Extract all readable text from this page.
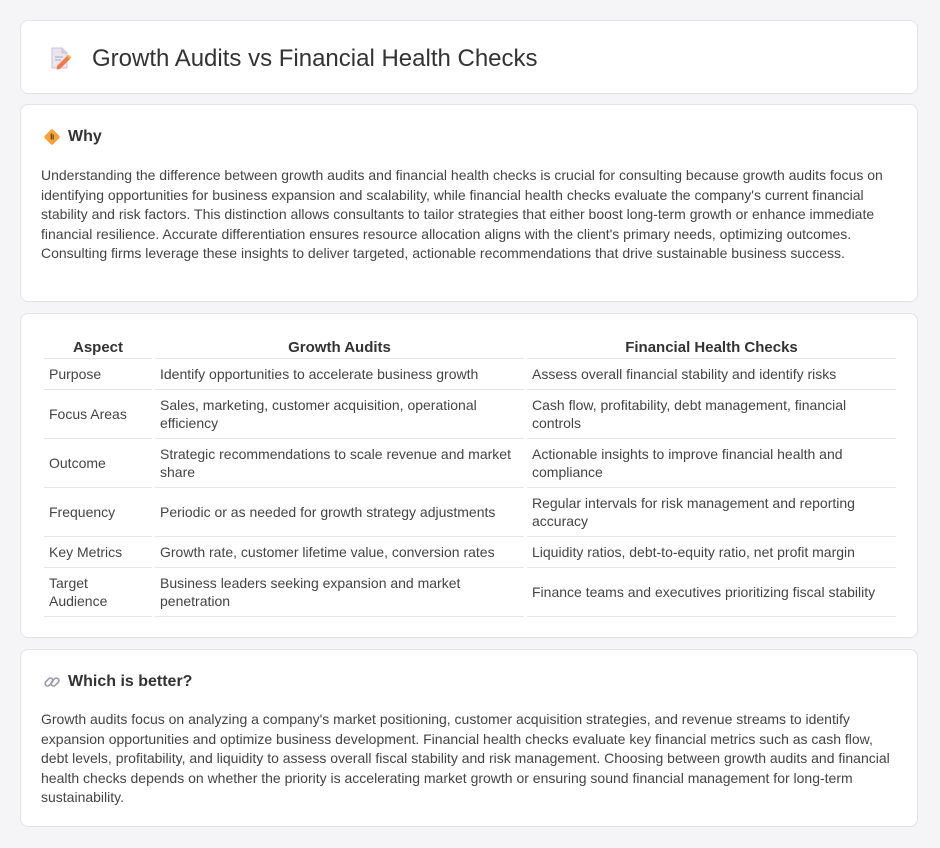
Growth Audits vs Financial Health Checks
Why

Understanding the difference between growth audits and financial health checks is crucial for consulting because growth audits focus on identifying opportunities for business expansion and scalability, while financial health checks evaluate the company's current financial stability and risk factors. This distinction allows consultants to tailor strategies that either boost long-term growth or enhance immediate financial resilience. Accurate differentiation ensures resource allocation aligns with the client's primary needs, optimizing outcomes. Consulting firms leverage these insights to deliver targeted, actionable recommendations that drive sustainable business success.

Aspect	Growth Audits	Financial Health Checks
Purpose	Identify opportunities to accelerate business growth	Assess overall financial stability and identify risks
Focus Areas	Sales, marketing, customer acquisition, operational efficiency	Cash flow, profitability, debt management, financial controls
Outcome	Strategic recommendations to scale revenue and market share	Actionable insights to improve financial health and compliance
Frequency	Periodic or as needed for growth strategy adjustments	Regular intervals for risk management and reporting accuracy
Key Metrics	Growth rate, customer lifetime value, conversion rates	Liquidity ratios, debt-to-equity ratio, net profit margin
Target Audience	Business leaders seeking expansion and market penetration	Finance teams and executives prioritizing fiscal stability
Which is better?

Growth audits focus on analyzing a company's market positioning, customer acquisition strategies, and revenue streams to identify expansion opportunities and optimize business development. Financial health checks evaluate key financial metrics such as cash flow, debt levels, profitability, and liquidity to assess overall fiscal stability and risk management. Choosing between growth audits and financial health checks depends on whether the priority is accelerating market growth or ensuring sound financial management for long-term sustainability.
